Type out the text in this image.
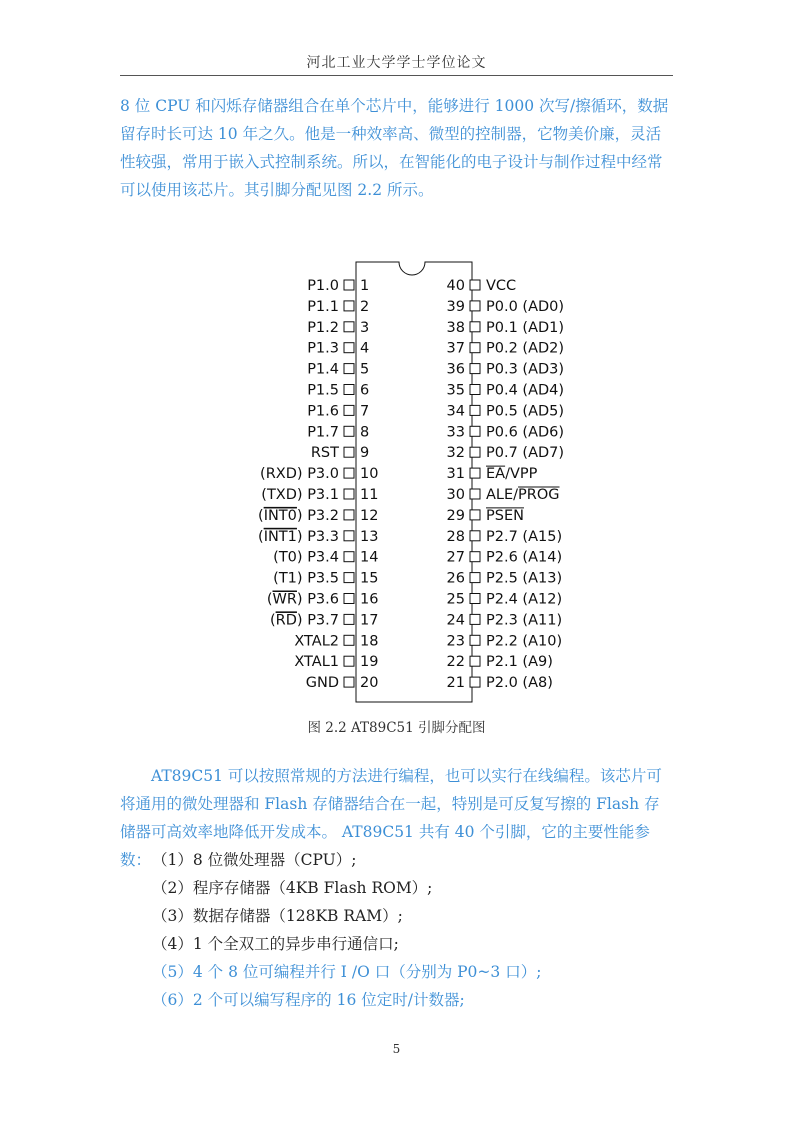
河北工业大学学士学位论文

8 位 CPU 和闪烁存储器组合在单个芯片中，能够进行 1000 次写/擦循环，数据留存时长可达 10 年之久。他是一种效率高、微型的控制器，它物美价廉，灵活性较强，常用于嵌入式控制系统。所以，在智能化的电子设计与制作过程中经常可以使用该芯片。其引脚分配见图 2.2 所示。

1
P1.0
2
P1.1
3
P1.2
4
P1.3
5
P1.4
6
P1.5
7
P1.6
8
P1.7
9
RST
10
(RXD) P3.0
11
(TXD) P3.1
12
(INT0) P3.2
13
(INT1) P3.3
14
(T0) P3.4
15
(T1) P3.5
16
(WR) P3.6
17
(RD) P3.7
18
XTAL2
19
XTAL1
20
GND
40 VCC
39 P0.0 (AD0)
38 P0.1 (AD1)
37 P0.2 (AD2)
36 P0.3 (AD3)
35 P0.4 (AD4)
34 P0.5 (AD5)
33 P0.6 (AD6)
32 P0.7 (AD7)
31 EA/VPP
30 ALE/PROG
29 PSEN
28 P2.7 (A15)
27 P2.6 (A14)
26 P2.5 (A13)
25 P2.4 (A12)
24 P2.3 (A11)
23 P2.2 (A10)
22 P2.1 (A9)
21 P2.0 (A8)
图 2.2 AT89C51 引脚分配图

AT89C51 可以按照常规的方法进行编程，也可以实行在线编程。该芯片可将通用的微处理器和 Flash 存储器结合在一起，特别是可反复写擦的 Flash 存储器可高效率地降低开发成本。 AT89C51 共有 40 个引脚，它的主要性能参数： （1）8 位微处理器（CPU）;
（2）程序存储器（4KB Flash ROM）;
（3）数据存储器（128KB RAM）;
（4）1 个全双工的异步串行通信口;
（5）4 个 8 位可编程并行 I /O 口（分别为 P0~3 口）;
（6）2 个可以编写程序的 16 位定时/计数器;
5
